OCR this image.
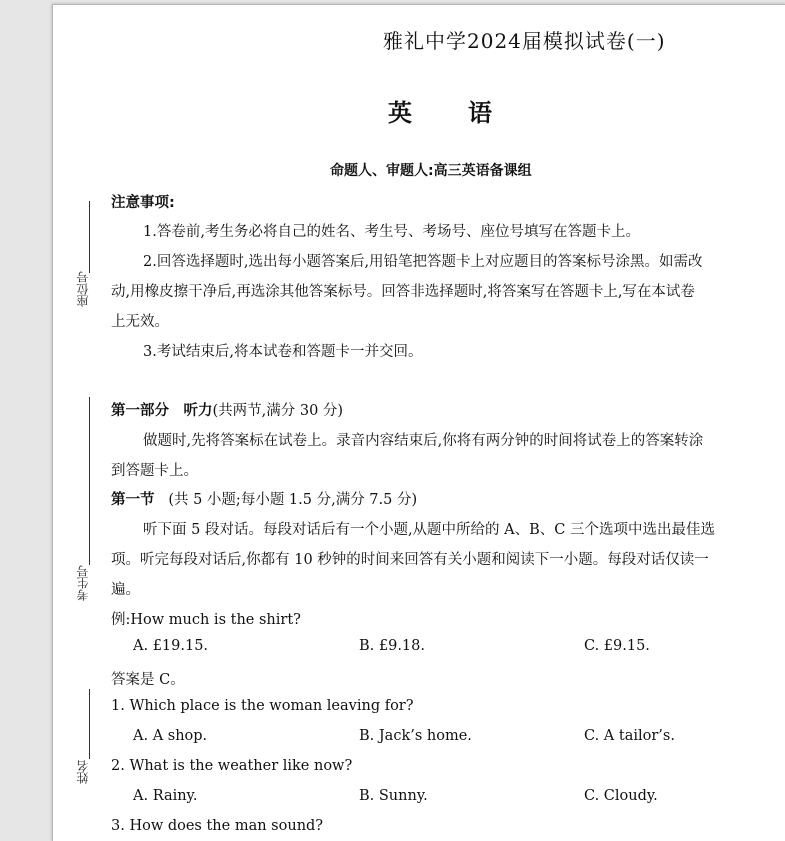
雅礼中学2024届模拟试卷(一)
英语
命题人、审题人:高三英语备课组
座位号
考生号
姓名
注意事项:
1.答卷前,考生务必将自己的姓名、考生号、考场号、座位号填写在答题卡上。
2.回答选择题时,选出每小题答案后,用铅笔把答题卡上对应题目的答案标号涂黑。如需改
动,用橡皮擦干净后,再选涂其他答案标号。回答非选择题时,将答案写在答题卡上,写在本试卷
上无效。
3.考试结束后,将本试卷和答题卡一并交回。
第一部分　听力(共两节,满分 30 分)
做题时,先将答案标在试卷上。录音内容结束后,你将有两分钟的时间将试卷上的答案转涂
到答题卡上。
第一节 (共 5 小题;每小题 1.5 分,满分 7.5 分)
听下面 5 段对话。每段对话后有一个小题,从题中所给的 A、B、C 三个选项中选出最佳选
项。听完每段对话后,你都有 10 秒钟的时间来回答有关小题和阅读下一小题。每段对话仅读一
遍。
例:How much is the shirt?
A. £19.15.	B. £9.18.	C. £9.15.
答案是 C。
1. Which place is the woman leaving for?
A. A shop.	B. Jack’s home.	C. A tailor’s.
2. What is the weather like now?
A. Rainy.	B. Sunny.	C. Cloudy.
3. How does the man sound?
